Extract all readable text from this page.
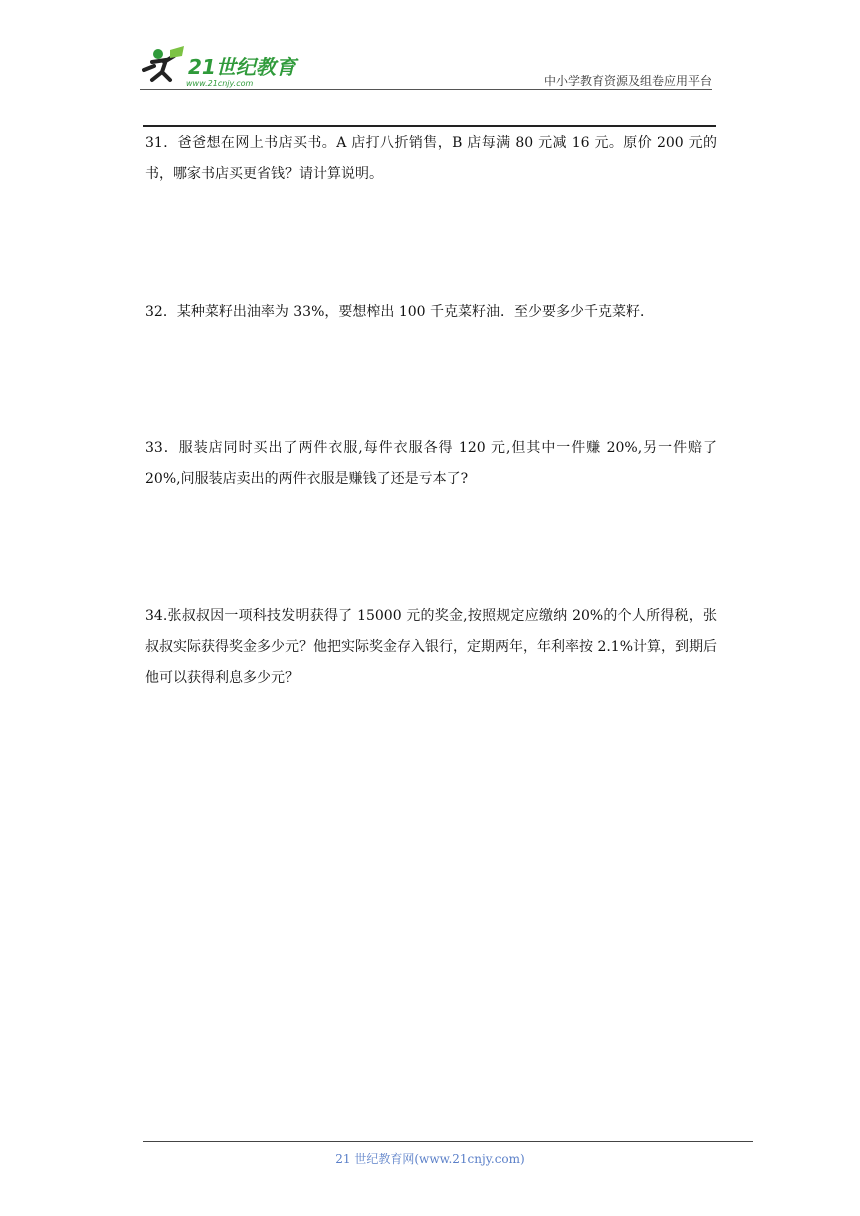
21世纪教育
www.21cnjy.com	中小学教育资源及组卷应用平台

31．爸爸想在网上书店买书。A 店打八折销售，B 店每满 80 元减 16 元。原价 200 元的书，哪家书店买更省钱？请计算说明。

32．某种菜籽出油率为 33%，要想榨出 100 千克菜籽油．至少要多少千克菜籽．

33．服装店同时买出了两件衣服,每件衣服各得 120 元,但其中一件赚 20%,另一件赔了 20%,问服装店卖出的两件衣服是赚钱了还是亏本了?

34.张叔叔因一项科技发明获得了 15000 元的奖金,按照规定应缴纳 20%的个人所得税，张叔叔实际获得奖金多少元？他把实际奖金存入银行，定期两年，年利率按 2.1%计算，到期后他可以获得利息多少元？

21 世纪教育网(www.21cnjy.com)
